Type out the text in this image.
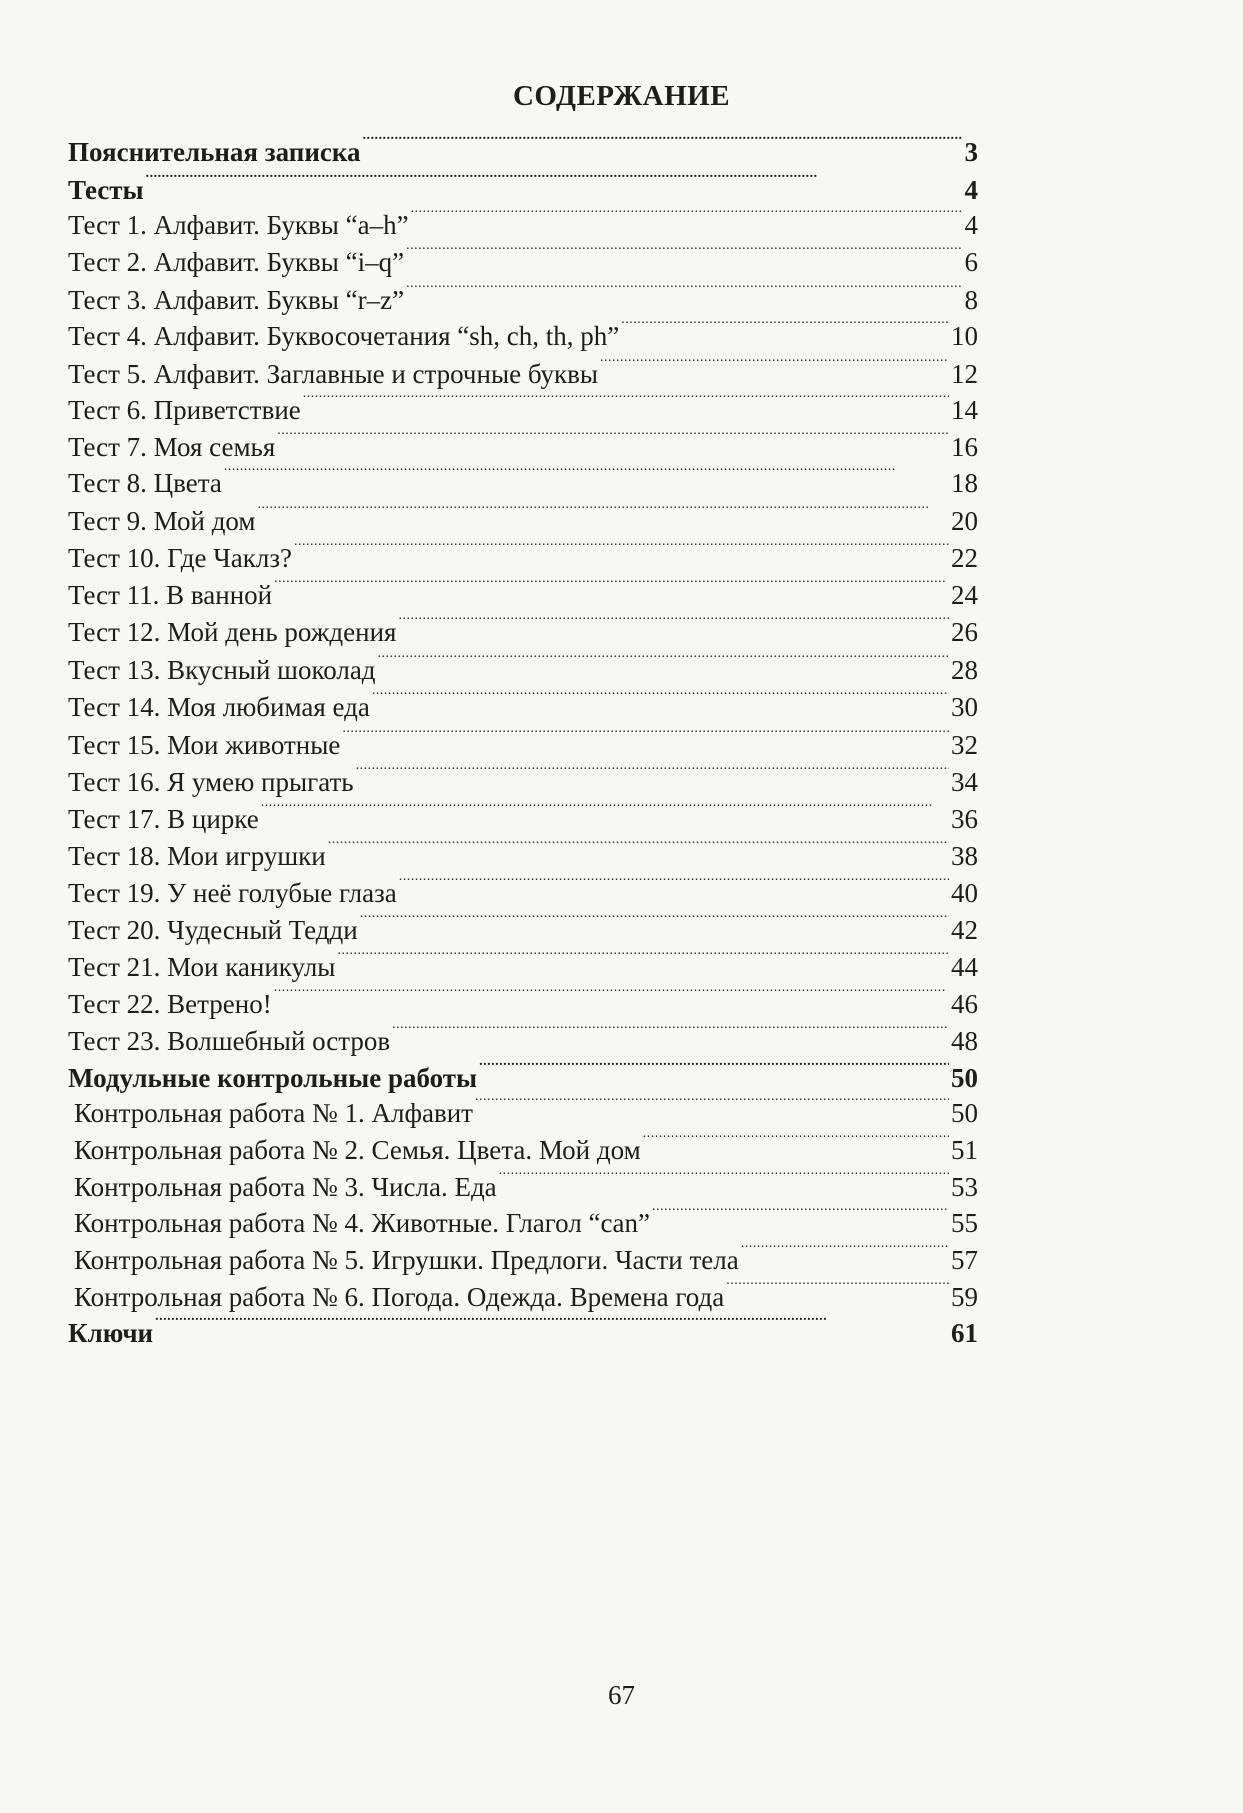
СОДЕРЖАНИЕ
Пояснительная записка . . .	3
Тесты . . .	4
Тест 1. Алфавит. Буквы “a–h” . . .	4
Тест 2. Алфавит. Буквы “i–q” . . .	6
Тест 3. Алфавит. Буквы “r–z” . . .	8
Тест 4. Алфавит. Буквосочетания “sh, ch, th, ph” . . .	10
Тест 5. Алфавит. Заглавные и строчные буквы . . .	12
Тест 6. Приветствие . . .	14
Тест 7. Моя семья . . .	16
Тест 8. Цвета . . .	18
Тест 9. Мой дом . . .	20
Тест 10. Где Чаклз? . . .	22
Тест 11. В ванной . . .	24
Тест 12. Мой день рождения . . .	26
Тест 13. Вкусный шоколад . . .	28
Тест 14. Моя любимая еда . . .	30
Тест 15. Мои животные . . .	32
Тест 16. Я умею прыгать . . .	34
Тест 17. В цирке . . .	36
Тест 18. Мои игрушки . . .	38
Тест 19. У неё голубые глаза . . .	40
Тест 20. Чудесный Тедди . . .	42
Тест 21. Мои каникулы . . .	44
Тест 22. Ветрено! . . .	46
Тест 23. Волшебный остров . . .	48
Модульные контрольные работы . . .	50
Контрольная работа № 1. Алфавит . . .	50
Контрольная работа № 2. Семья. Цвета. Мой дом . . .	51
Контрольная работа № 3. Числа. Еда . . .	53
Контрольная работа № 4. Животные. Глагол “can” . . .	55
Контрольная работа № 5. Игрушки. Предлоги. Части тела . . .	57
Контрольная работа № 6. Погода. Одежда. Времена года . . .	59
Ключи . . .	61
67
